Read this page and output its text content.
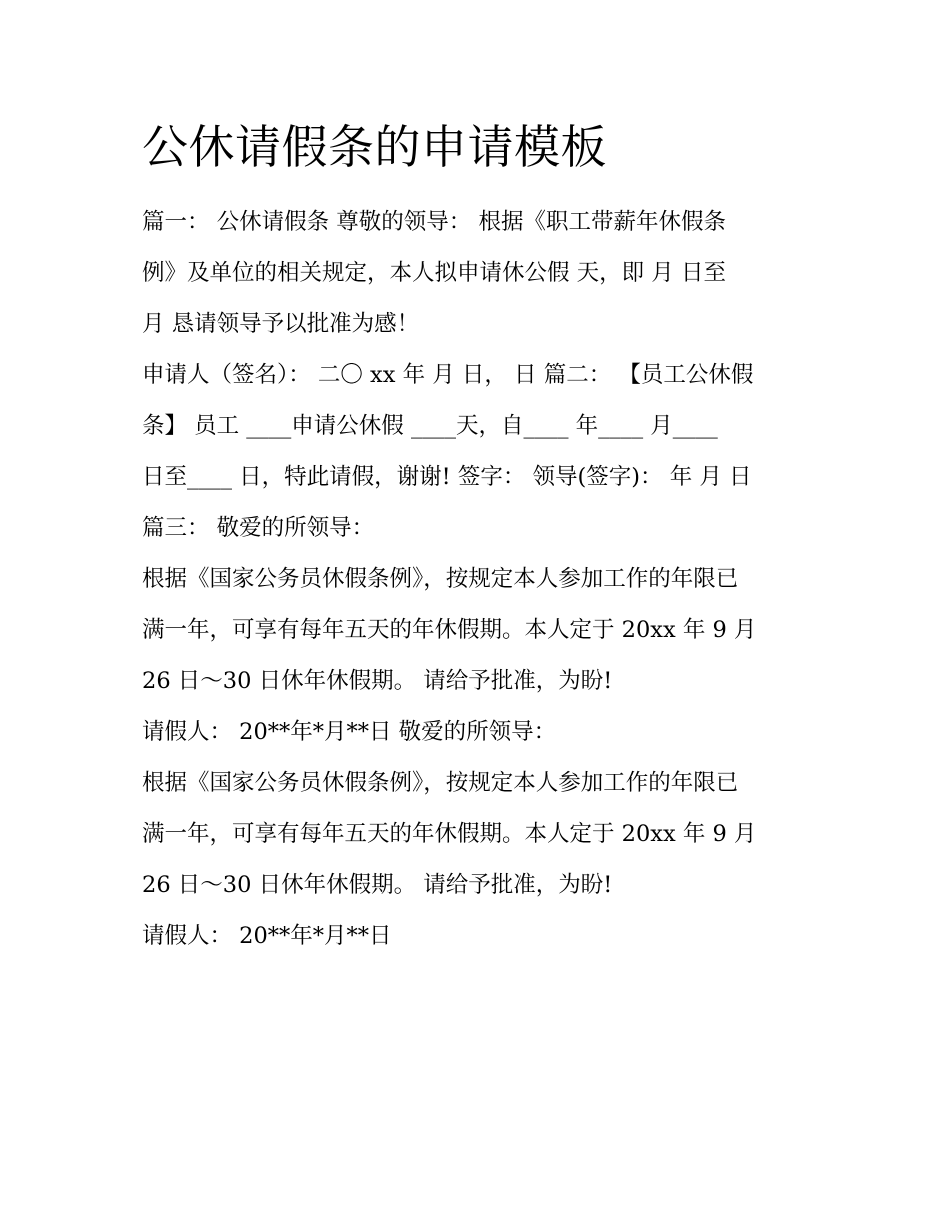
公休请假条的申请模板

篇一： 公休请假条 尊敬的领导： 根据《职工带薪年休假条

例》及单位的相关规定，本人拟申请休公假 天，即 月 日至

月 恳请领导予以批准为感！

申请人（签名）： 二〇 xx 年 月 日， 日 篇二： 【员工公休假

条】 员工 ____申请公休假 ____天，自____ 年____ 月____

日至____ 日，特此请假，谢谢! 签字： 领导(签字)： 年 月 日

篇三： 敬爱的所领导：

根据《国家公务员休假条例》，按规定本人参加工作的年限已

满一年，可享有每年五天的年休假期。本人定于 20xx 年 9 月

26 日～30 日休年休假期。 请给予批准，为盼!

请假人： 20**年*月**日 敬爱的所领导：

根据《国家公务员休假条例》，按规定本人参加工作的年限已

满一年，可享有每年五天的年休假期。本人定于 20xx 年 9 月

26 日～30 日休年休假期。 请给予批准，为盼!

请假人： 20**年*月**日
